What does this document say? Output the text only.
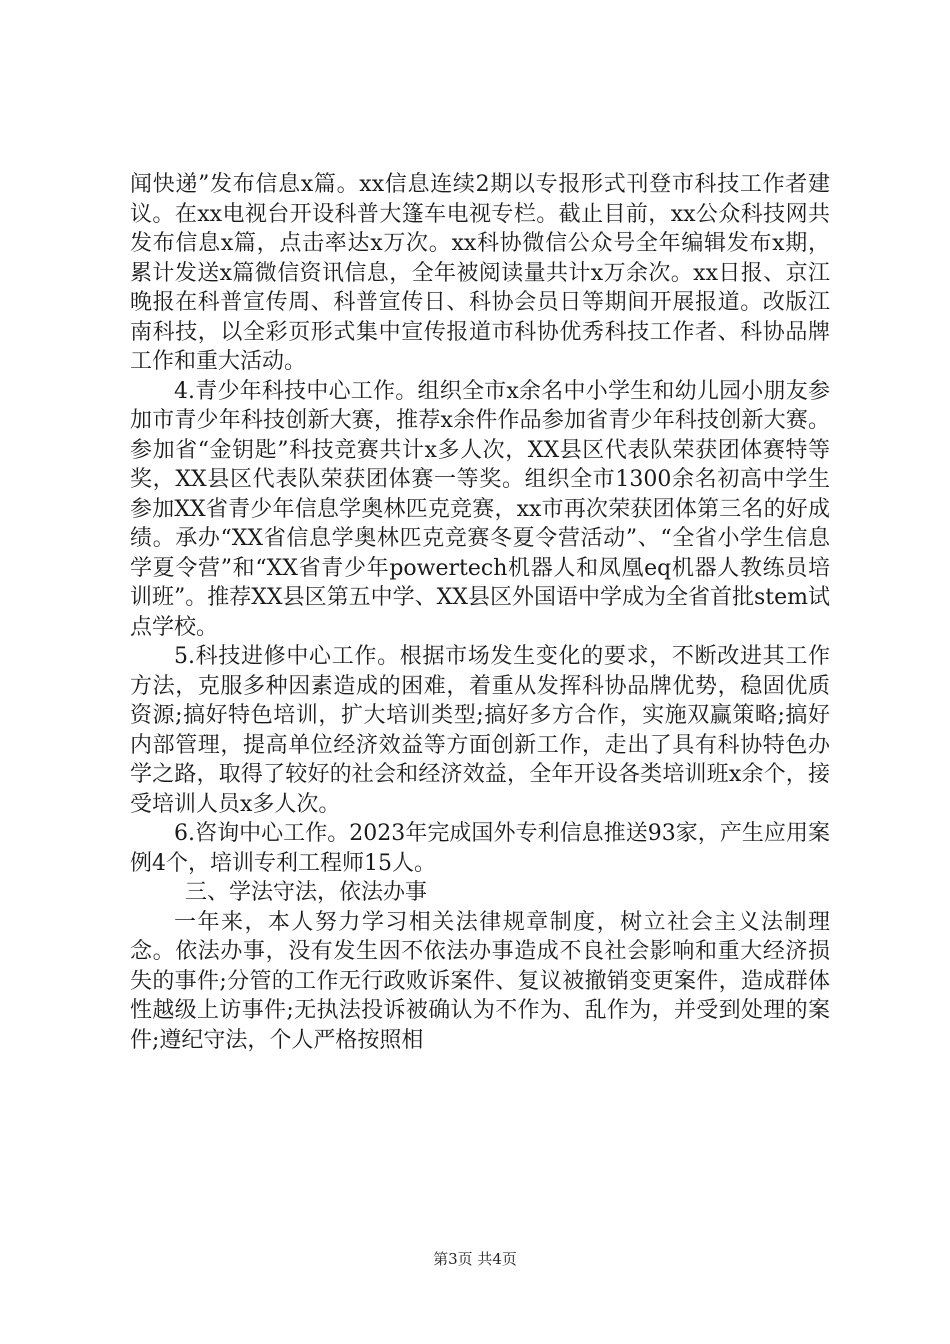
闻快递”发布信息x篇。xx信息连续2期以专报形式刊登市科技工作者建议。在xx电视台开设科普大篷车电视专栏。截止目前，xx公众科技网共发布信息x篇，点击率达x万次。xx科协微信公众号全年编辑发布x期，累计发送x篇微信资讯信息，全年被阅读量共计x万余次。xx日报、京江晚报在科普宣传周、科普宣传日、科协会员日等期间开展报道。改版江南科技，以全彩页形式集中宣传报道市科协优秀科技工作者、科协品牌工作和重大活动。

4.青少年科技中心工作。组织全市x余名中小学生和幼儿园小朋友参加市青少年科技创新大赛，推荐x余件作品参加省青少年科技创新大赛。参加省“金钥匙”科技竞赛共计x多人次，XX县区代表队荣获团体赛特等奖，XX县区代表队荣获团体赛一等奖。组织全市1300余名初高中学生参加XX省青少年信息学奥林匹克竞赛，xx市再次荣获团体第三名的好成绩。承办“XX省信息学奥林匹克竞赛冬夏令营活动”、“全省小学生信息学夏令营”和“XX省青少年powertech机器人和凤凰eq机器人教练员培训班”。推荐XX县区第五中学、XX县区外国语中学成为全省首批stem试点学校。

5.科技进修中心工作。根据市场发生变化的要求，不断改进其工作方法，克服多种因素造成的困难，着重从发挥科协品牌优势，稳固优质资源;搞好特色培训，扩大培训类型;搞好多方合作，实施双赢策略;搞好内部管理，提高单位经济效益等方面创新工作，走出了具有科协特色办学之路，取得了较好的社会和经济效益，全年开设各类培训班x余个，接受培训人员x多人次。

6.咨询中心工作。2023年完成国外专利信息推送93家，产生应用案例4个，培训专利工程师15人。

三、学法守法，依法办事

一年来，本人努力学习相关法律规章制度，树立社会主义法制理念。依法办事，没有发生因不依法办事造成不良社会影响和重大经济损失的事件;分管的工作无行政败诉案件、复议被撤销变更案件，造成群体性越级上访事件;无执法投诉被确认为不作为、乱作为，并受到处理的案件;遵纪守法，个人严格按照相

第3页 共4页
